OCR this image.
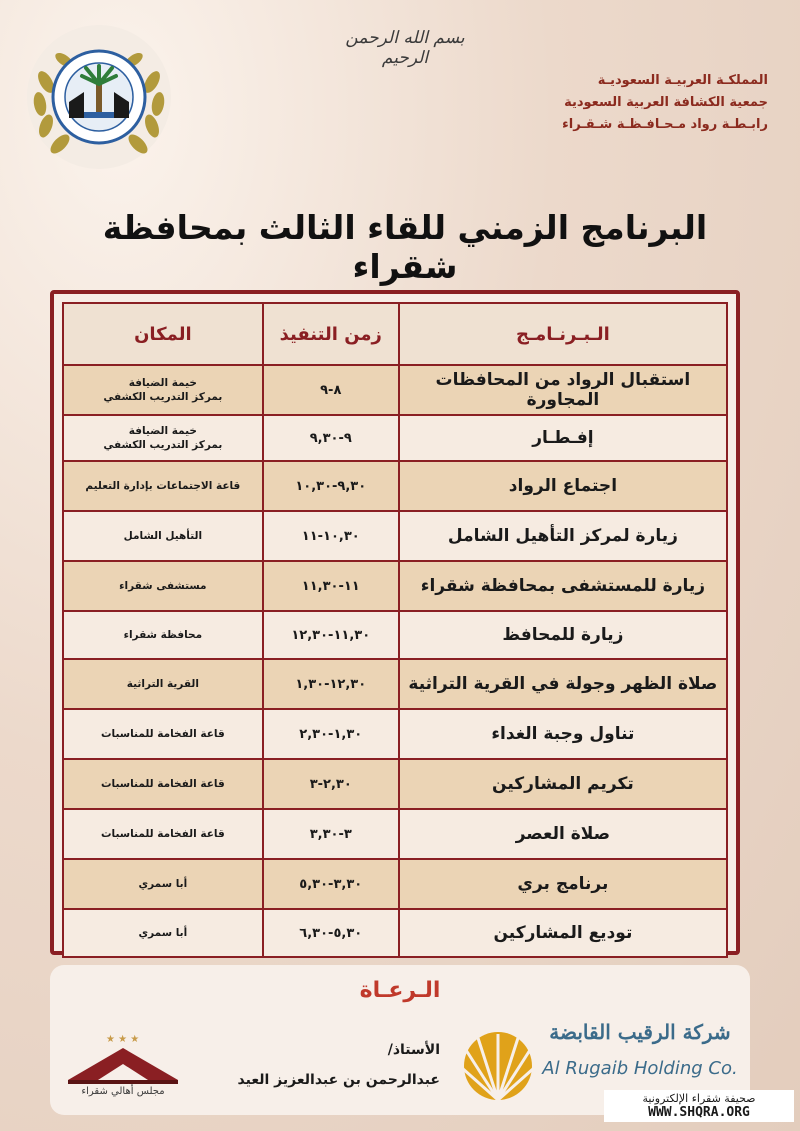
بسم الله الرحمن الرحيم
المملكـة العربيـة السعوديـة
جمعية الكشافة العربية السعودية
رابـطـة رواد مـحـافـظـة شـقـراء
البرنامج الزمني للقاء الثالث بمحافظة شقراء
الـبـرنـامـج	زمن التنفيذ	المكان
استقبال الرواد من المحافظات المجاورة	٨-٩	خيمة الضيافة
بمركز التدريب الكشفي

إفـطـار	٩-٩,٣٠	خيمة الضيافة
بمركز التدريب الكشفي

اجتماع الرواد	٩,٣٠-١٠,٣٠	قاعة الاجتماعات بإدارة التعليم

زيارة لمركز التأهيل الشامل	١٠,٣٠-١١	التأهيل الشامل

زيارة للمستشفى بمحافظة شقراء	١١-١١,٣٠	مستشفى شقراء

زيارة للمحافظ	١١,٣٠-١٢,٣٠	محافظة شقراء

صلاة الظهر وجولة في القرية التراثية	١٢,٣٠-١,٣٠	القرية التراثية

تناول وجبة الغداء	١,٣٠-٢,٣٠	قاعة الفخامة للمناسبات

تكريم المشاركين	٢,٣٠-٣	قاعة الفخامة للمناسبات

صلاة العصر	٣-٣,٣٠	قاعة الفخامة للمناسبات

برنامج بري	٣,٣٠-٥,٣٠	أبا سمري

توديع المشاركين	٥,٣٠-٦,٣٠	أبا سمري
الـرعـاة
الأستاذ/
عبدالرحمن بن عبدالعزيز العيد
شركة الرقيب القابضة
Al Rugaib Holding Co.
★ ★ ★
مجلس أهالي شقراء
صحيفة شقراء الإلكترونية
WWW.SHQRA.ORG
